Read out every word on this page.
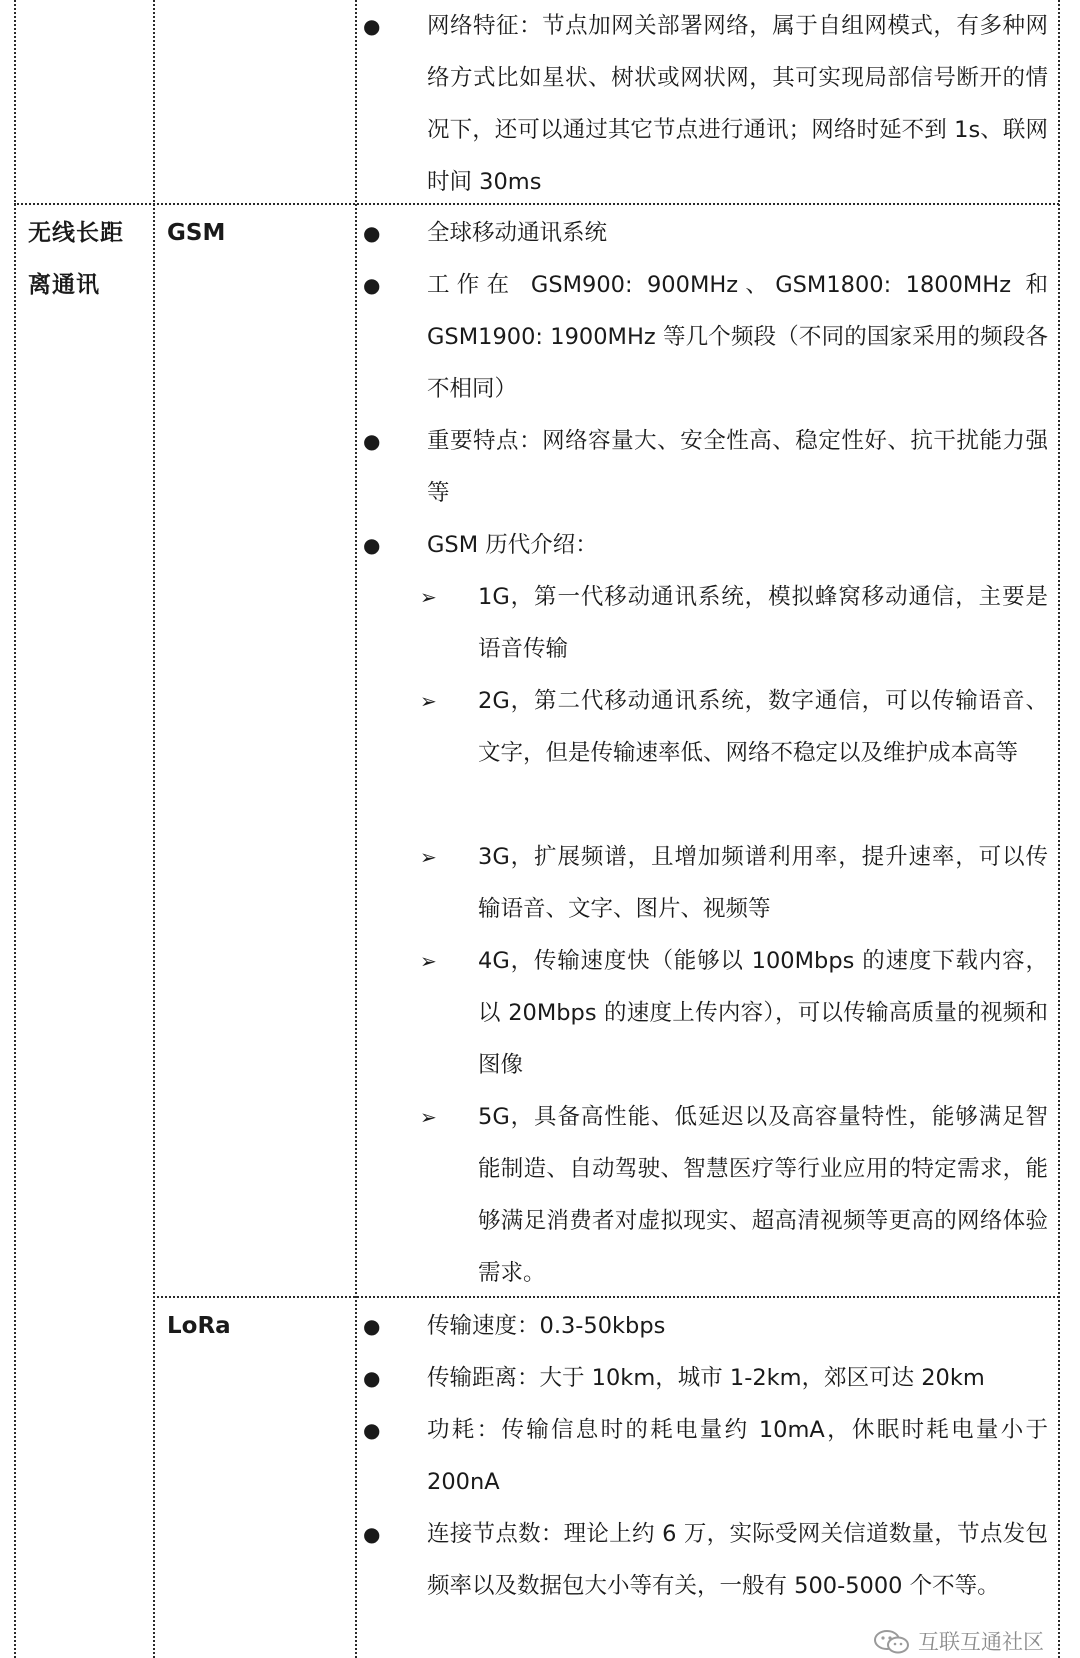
● 网络特征：节点加网关部署网络，属于自组网模式，有多种网络方式比如星状、树状或网状网，其可实现局部信号断开的情况下，还可以通过其它节点进行通讯；网络时延不到 1s、联网时间 30ms
无线长距离通讯
GSM	● 全球移动通讯系统
● 工作在 GSM900: 900MHz、GSM1800: 1800MHz 和 GSM1900: 1900MHz 等几个频段（不同的国家采用的频段各不相同）
● 重要特点：网络容量大、安全性高、稳定性好、抗干扰能力强等
● GSM 历代介绍：
➢ 1G，第一代移动通讯系统，模拟蜂窝移动通信，主要是语音传输
➢ 2G，第二代移动通讯系统，数字通信，可以传输语音、文字，但是传输速率低、网络不稳定以及维护成本高等
➢ 3G，扩展频谱，且增加频谱利用率，提升速率，可以传输语音、文字、图片、视频等
➢ 4G，传输速度快（能够以 100Mbps 的速度下载内容，以 20Mbps 的速度上传内容），可以传输高质量的视频和图像
➢ 5G，具备高性能、低延迟以及高容量特性，能够满足智能制造、自动驾驶、智慧医疗等行业应用的特定需求，能够满足消费者对虚拟现实、超高清视频等更高的网络体验需求。
LoRa	● 传输速度：0.3-50kbps
● 传输距离：大于 10km，城市 1-2km，郊区可达 20km
● 功耗：传输信息时的耗电量约 10mA，休眠时耗电量小于 200nA
● 连接节点数：理论上约 6 万，实际受网关信道数量，节点发包频率以及数据包大小等有关，一般有 500-5000 个不等。
互联互通社区
